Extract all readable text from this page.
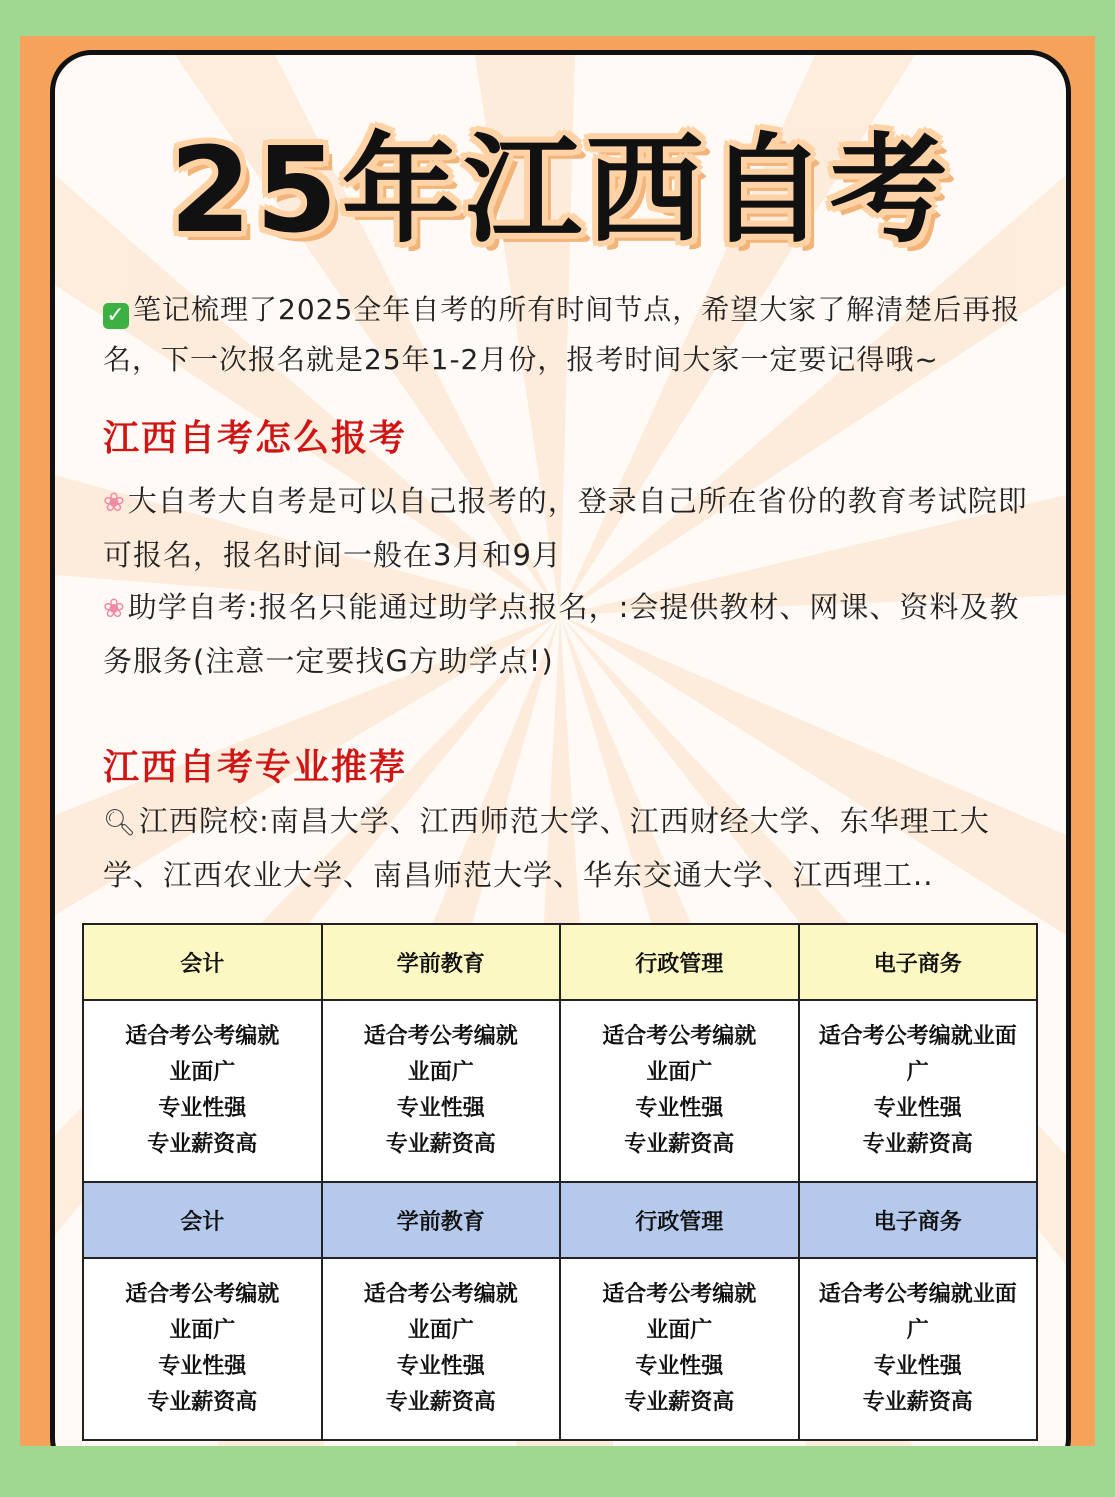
25年江西自考
✓ 笔记梳理了2025全年自考的所有时间节点，希望大家了解清楚后再报名，下一次报名就是25年1-2月份，报考时间大家一定要记得哦~
江西自考怎么报考
❀大自考大自考是可以自己报考的，登录自己所在省份的教育考试院即可报名，报名时间一般在3月和9月
❀助学自考:报名只能通过助学点报名，:会提供教材、网课、资料及教务服务(注意一定要找G方助学点!)
江西自考专业推荐
🔍︎江西院校:南昌大学、江西师范大学、江西财经大学、东华理工大学、江西农业大学、南昌师范大学、华东交通大学、江西理工..
会计	学前教育	行政管理	电子商务

适合考公考编就
业面广
专业性强
专业薪资高	适合考公考编就
业面广
专业性强
专业薪资高	适合考公考编就
业面广
专业性强
专业薪资高	适合考公考编就业面
广
专业性强
专业薪资高

会计	学前教育	行政管理	电子商务

适合考公考编就
业面广
专业性强
专业薪资高	适合考公考编就
业面广
专业性强
专业薪资高	适合考公考编就
业面广
专业性强
专业薪资高	适合考公考编就业面
广
专业性强
专业薪资高
